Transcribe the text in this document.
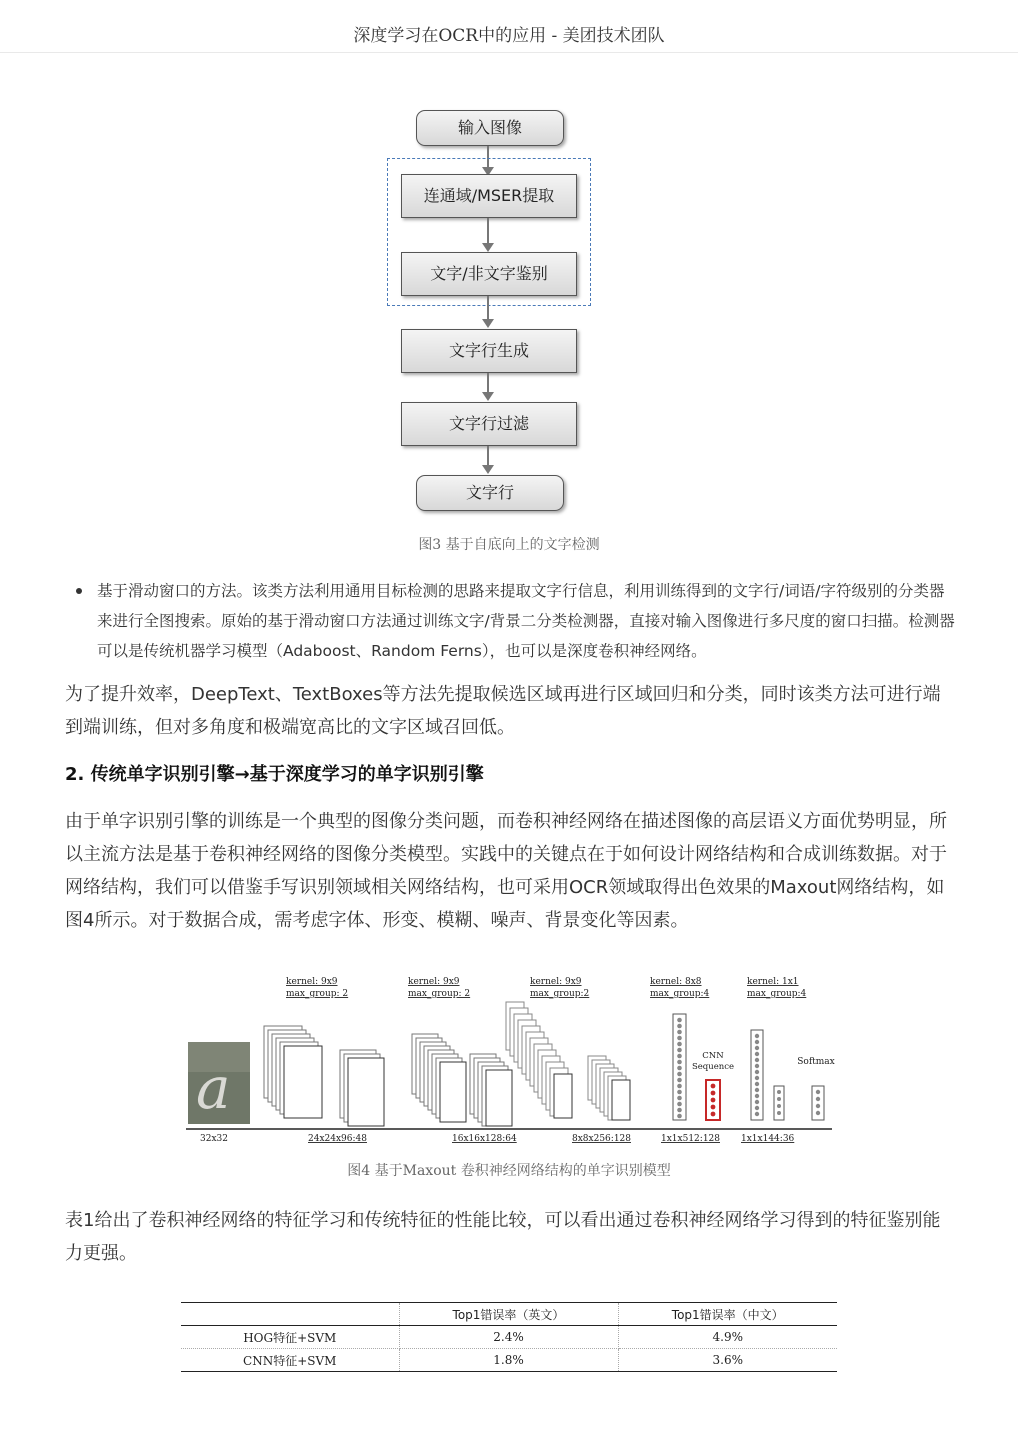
深度学习在OCR中的应用 - 美团技术团队
输入图像
连通域/MSER提取
文字/非文字鉴别
文字行生成
文字行过滤
文字行
图3 基于自底向上的文字检测
基于滑动窗口的方法。该类方法利用通用目标检测的思路来提取文字行信息，利用训练得到的文字行/词语/字符级别的分类器来进行全图搜索。原始的基于滑动窗口方法通过训练文字/背景二分类检测器，直接对输入图像进行多尺度的窗口扫描。检测器可以是传统机器学习模型（Adaboost、Random Ferns），也可以是深度卷积神经网络。
为了提升效率，DeepText、TextBoxes等方法先提取候选区域再进行区域回归和分类，同时该类方法可进行端到端训练，但对多角度和极端宽高比的文字区域召回低。
2. 传统单字识别引擎→基于深度学习的单字识别引擎
由于单字识别引擎的训练是一个典型的图像分类问题，而卷积神经网络在描述图像的高层语义方面优势明显，所以主流方法是基于卷积神经网络的图像分类模型。实践中的关键点在于如何设计网络结构和合成训练数据。对于网络结构，我们可以借鉴手写识别领域相关网络结构，也可采用OCR领域取得出色效果的Maxout网络结构，如图4所示。对于数据合成，需考虑字体、形变、模糊、噪声、背景变化等因素。
kernel: 9x9
max_group: 2
kernel: 9x9
max_group: 2
kernel: 9x9
max_group:2
kernel: 8x8
max_group:4
kernel: 1x1
max_group:4
a	CNN
Sequence	Softmax
32x32	24x24x96:48	16x16x128:64	8x8x256:128	1x1x512:128 1x1x144:36
图4 基于Maxout 卷积神经网络结构的单字识别模型
表1给出了卷积神经网络的特征学习和传统特征的性能比较，可以看出通过卷积神经网络学习得到的特征鉴别能力更强。
	Top1错误率（英文）	Top1错误率（中文）
HOG特征+SVM	2.4%	4.9%
CNN特征+SVM	1.8%	3.6%
